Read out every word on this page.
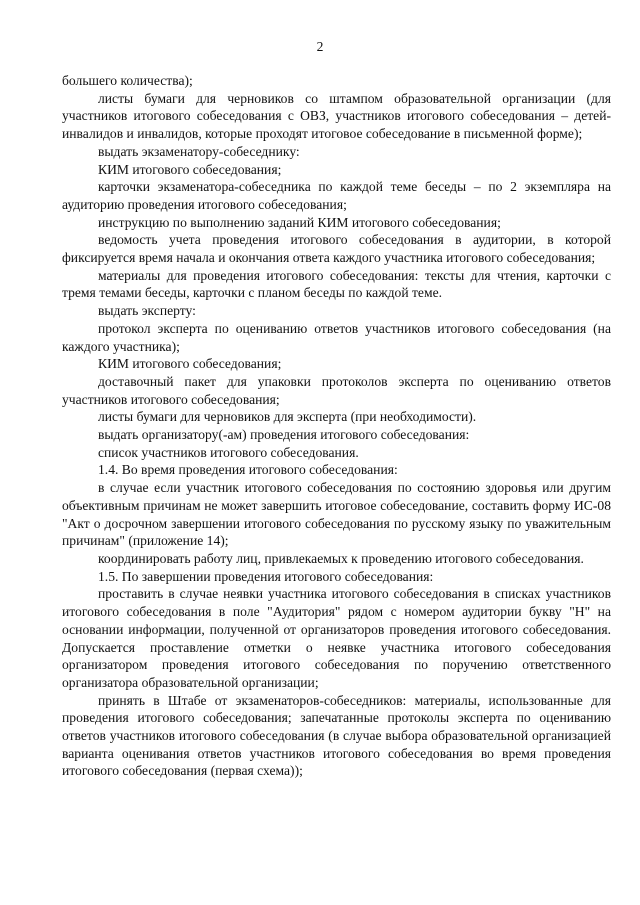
2

большего количества);

листы бумаги для черновиков со штампом образовательной организации (для участников итогового собеседования с ОВЗ, участников итогового собеседования – детей-инвалидов и инвалидов, которые проходят итоговое собеседование в письменной форме);

выдать экзаменатору-собеседнику:

КИМ итогового собеседования;

карточки экзаменатора-собеседника по каждой теме беседы – по 2 экземпляра на аудиторию проведения итогового собеседования;

инструкцию по выполнению заданий КИМ итогового собеседования;

ведомость учета проведения итогового собеседования в аудитории, в которой фиксируется время начала и окончания ответа каждого участника итогового собеседования;

материалы для проведения итогового собеседования: тексты для чтения, карточки с тремя темами беседы, карточки с планом беседы по каждой теме.

выдать эксперту:

протокол эксперта по оцениванию ответов участников итогового собеседования (на каждого участника);

КИМ итогового собеседования;

доставочный пакет для упаковки протоколов эксперта по оцениванию ответов участников итогового собеседования;

листы бумаги для черновиков для эксперта (при необходимости).

выдать организатору(-ам) проведения итогового собеседования:

список участников итогового собеседования.

1.4. Во время проведения итогового собеседования:

в случае если участник итогового собеседования по состоянию здоровья или другим объективным причинам не может завершить итоговое собеседование, составить форму ИС-08 "Акт о досрочном завершении итогового собеседования по русскому языку по уважительным причинам" (приложение 14);

координировать работу лиц, привлекаемых к проведению итогового собеседования.

1.5. По завершении проведения итогового собеседования:

проставить в случае неявки участника итогового собеседования в списках участников итогового собеседования в поле "Аудитория" рядом с номером аудитории букву "Н" на основании информации, полученной от организаторов проведения итогового собеседования. Допускается проставление отметки о неявке участника итогового собеседования организатором проведения итогового собеседования по поручению ответственного организатора образовательной организации;

принять в Штабе от экзаменаторов-собеседников: материалы, использованные для проведения итогового собеседования; запечатанные протоколы эксперта по оцениванию ответов участников итогового собеседования (в случае выбора образовательной организацией варианта оценивания ответов участников итогового собеседования во время проведения итогового собеседования (первая схема));
